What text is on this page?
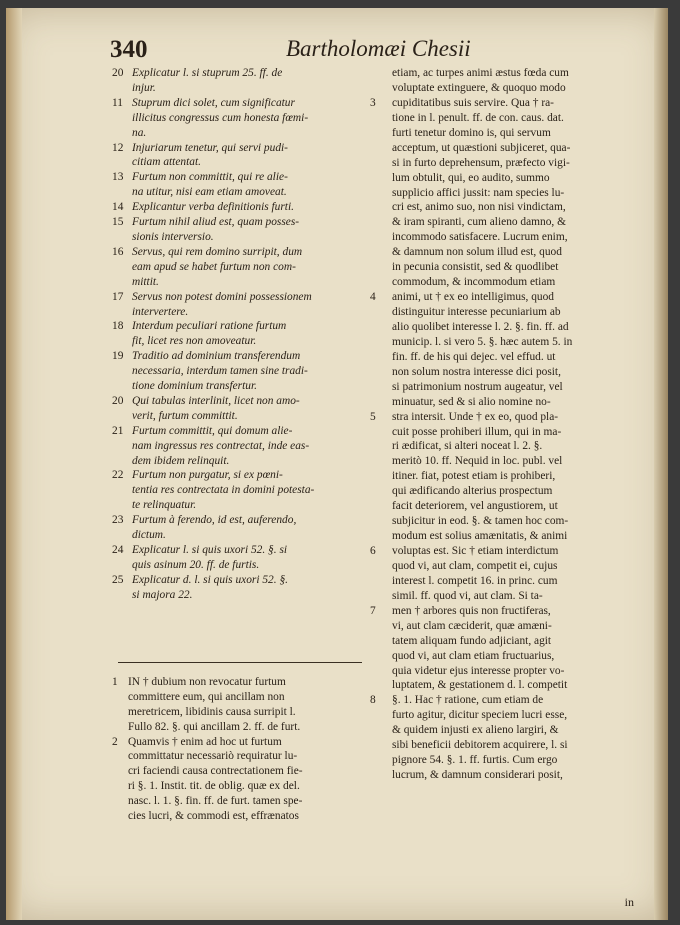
340	Bartholomæi Chesii
20 Explicatur l. si stuprum 25. ff. de
injur.
11 Stuprum dici solet, cum significatur
illicitus congressus cum honesta fœmi-
na.
12 Injuriarum tenetur, qui servi pudi-
citiam attentat.
13 Furtum non committit, qui re alie-
na utitur, nisi eam etiam amoveat.
14 Explicantur verba definitionis furti.
15 Furtum nihil aliud est, quam posses-
sionis interversio.
16 Servus, qui rem domino surripit, dum
eam apud se habet furtum non com-
mittit.
17 Servus non potest domini possessionem
intervertere.
18 Interdum peculiari ratione furtum
fit, licet res non amoveatur.
19 Traditio ad dominium transferendum
necessaria, interdum tamen sine tradi-
tione dominium transfertur.
20 Qui tabulas interlinit, licet non amo-
verit, furtum committit.
21 Furtum committit, qui domum alie-
nam ingressus res contrectat, inde eas-
dem ibidem relinquit.
22 Furtum non purgatur, si ex pœni-
tentia res contrectata in domini potesta-
te relinquatur.
23 Furtum à ferendo, id est, auferendo,
dictum.
24 Explicatur l. si quis uxori 52. §. si
quis asinum 20. ff. de furtis.
25 Explicatur d. l. si quis uxori 52. §.
si majora 22.
1 IN † dubium non revocatur furtum
committere eum, qui ancillam non
meretricem, libidinis causa surripit l.
Fullo 82. §. qui ancillam 2. ff. de furt.
2 Quamvis † enim ad hoc ut furtum
committatur necessariò requiratur lu-
cri faciendi causa contrectationem fie-
ri §. 1. Instit. tit. de oblig. quæ ex del.
nasc. l. 1. §. fin. ff. de furt. tamen spe-
cies lucri, & commodi est, effrænatos
etiam, ac turpes animi æstus fœda cum
voluptate extinguere, & quoquo modo
3 cupiditatibus suis servire. Qua † ra-
tione in l. penult. ff. de con. caus. dat.
furti tenetur domino is, qui servum
acceptum, ut quæstioni subjiceret, qua-
si in furto deprehensum, præfecto vigi-
lum obtulit, qui, eo audito, summo
supplicio affici jussit: nam species lu-
cri est, animo suo, non nisi vindictam,
& iram spiranti, cum alieno damno, &
incommodo satisfacere. Lucrum enim,
& damnum non solum illud est, quod
in pecunia consistit, sed & quodlibet
commodum, & incommodum etiam
4 animi, ut † ex eo intelligimus, quod
distinguitur interesse pecuniarium ab
alio quolibet interesse l. 2. §. fin. ff. ad
municip. l. si vero 5. §. hæc autem 5. in
fin. ff. de his qui dejec. vel effud. ut
non solum nostra interesse dici posit,
si patrimonium nostrum augeatur, vel
minuatur, sed & si alio nomine no-
5 stra intersit. Unde † ex eo, quod pla-
cuit posse prohiberi illum, qui in ma-
ri ædificat, si alteri noceat l. 2. §.
meritò 10. ff. Nequid in loc. publ. vel
itiner. fiat, potest etiam is prohiberi,
qui ædificando alterius prospectum
facit deteriorem, vel angustiorem, ut
subjicitur in eod. §. & tamen hoc com-
modum est solius amænitatis, & animi
6 voluptas est. Sic † etiam interdictum
quod vi, aut clam, competit ei, cujus
interest l. competit 16. in princ. cum
simil. ff. quod vi, aut clam. Si ta-
7 men † arbores quis non fructiferas,
vi, aut clam cæciderit, quæ amæni-
tatem aliquam fundo adjiciant, agit
quod vi, aut clam etiam fructuarius,
quia videtur ejus interesse propter vo-
luptatem, & gestationem d. l. competit
8 §. 1. Hac † ratione, cum etiam de
furto agitur, dicitur speciem lucri esse,
& quidem injusti ex alieno largiri, &
sibi beneficii debitorem acquirere, l. si
pignore 54. §. 1. ff. furtis. Cum ergo
lucrum, & damnum considerari posit,
in
